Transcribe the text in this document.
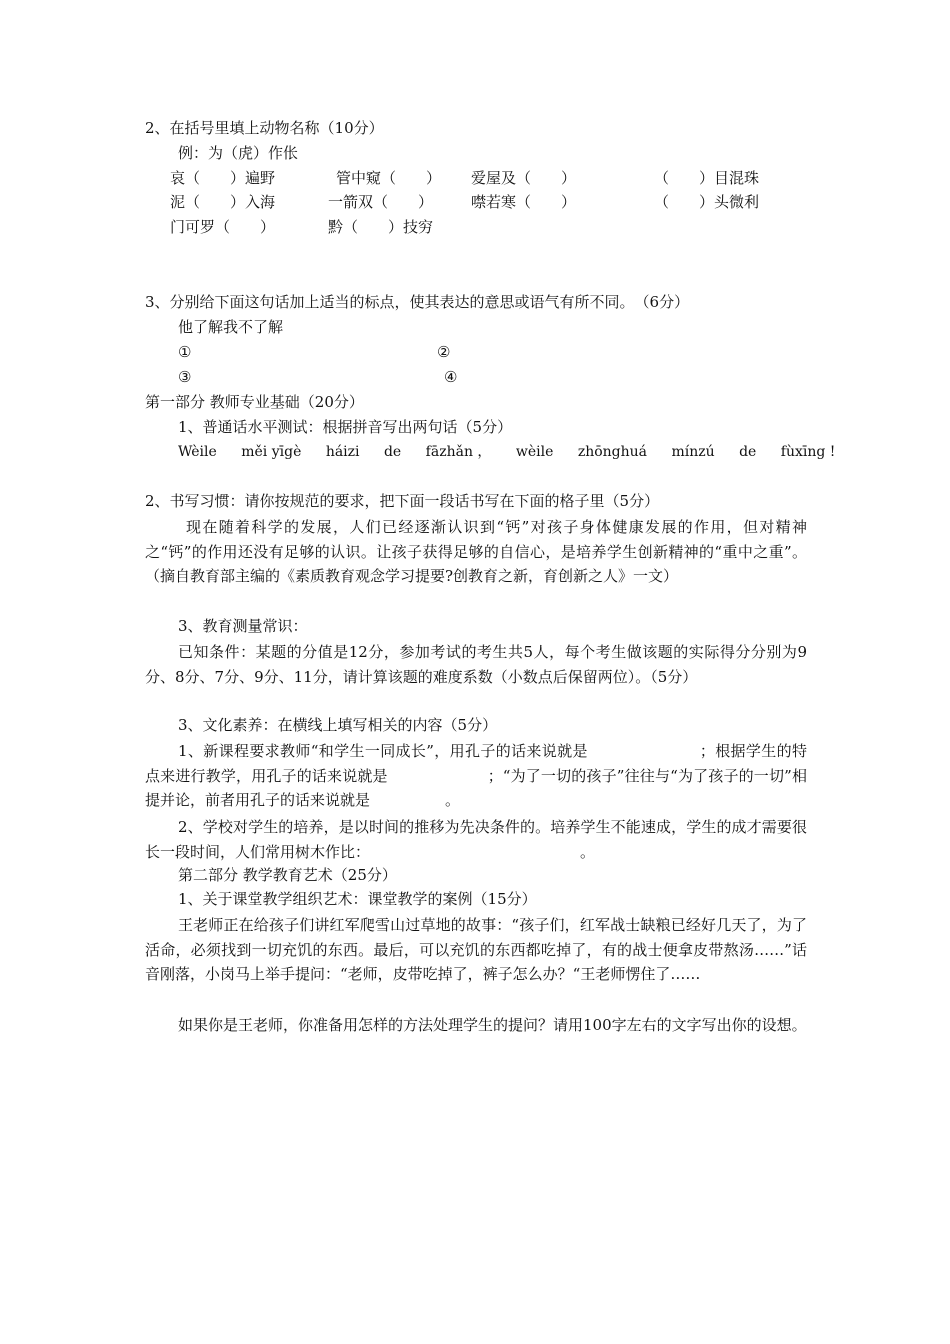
2、在括号里填上动物名称（10分）
例：为（虎）作伥
哀（　　）遍野	管中窥（　　） 爱屋及（　　）	（　　）目混珠
泥（　　）入海	一箭双（　　）	噤若寒（　　）	（　　）头微利
门可罗（　　）	黔（　　）技穷
3、分别给下面这句话加上适当的标点，使其表达的意思或语气有所不同。　（6分）
他了解我不了解
①	②
③	④
第一部分 教师专业基础（20分）
1、普通话水平测试：根据拼音写出两句话（5分）
Wèile měi yīgè háizi de fāzhǎn ， wèile zhōnghuá mínzú de fùxīng !
2、书写习惯：请你按规范的要求，把下面一段话书写在下面的格子里（5分）
现在随着科学的发展，人们已经逐渐认识到“钙”对孩子身体健康发展的作用，但对精神之“钙”的作用还没有足够的认识。让孩子获得足够的自信心，是培养学生创新精神的“重中之重”。（摘自教育部主编的《素质教育观念学习提要?创教育之新，育创新之人》一文）
3、教育测量常识：
已知条件：某题的分值是12分，参加考试的考生共5人，每个考生做该题的实际得分分别为9分、8分、7分、9分、11分，请计算该题的难度系数（小数点后保留两位）。（5分）
3、文化素养：在横线上填写相关的内容（5分）
1、新课程要求教师“和学生一同成长”，用孔子的话来说就是	；根据学生的特点来进行教学，用孔子的话来说就是	；“为了一切的孩子”往往与“为了孩子的一切”相提并论，前者用孔子的话来说就是	。
2、学校对学生的培养，是以时间的推移为先决条件的。培养学生不能速成，学生的成才需要很长一段时间，人们常用树木作比：	。
第二部分 教学教育艺术（25分）
1、关于课堂教学组织艺术：课堂教学的案例（15分）
王老师正在给孩子们讲红军爬雪山过草地的故事：“孩子们，红军战士缺粮已经好几天了，为了活命，必须找到一切充饥的东西。最后，可以充饥的东西都吃掉了，有的战士便拿皮带熬汤……”话音刚落，小岗马上举手提问：“老师，皮带吃掉了，裤子怎么办？“王老师愣住了……
如果你是王老师，你准备用怎样的方法处理学生的提问？请用100字左右的文字写出你的设想。
